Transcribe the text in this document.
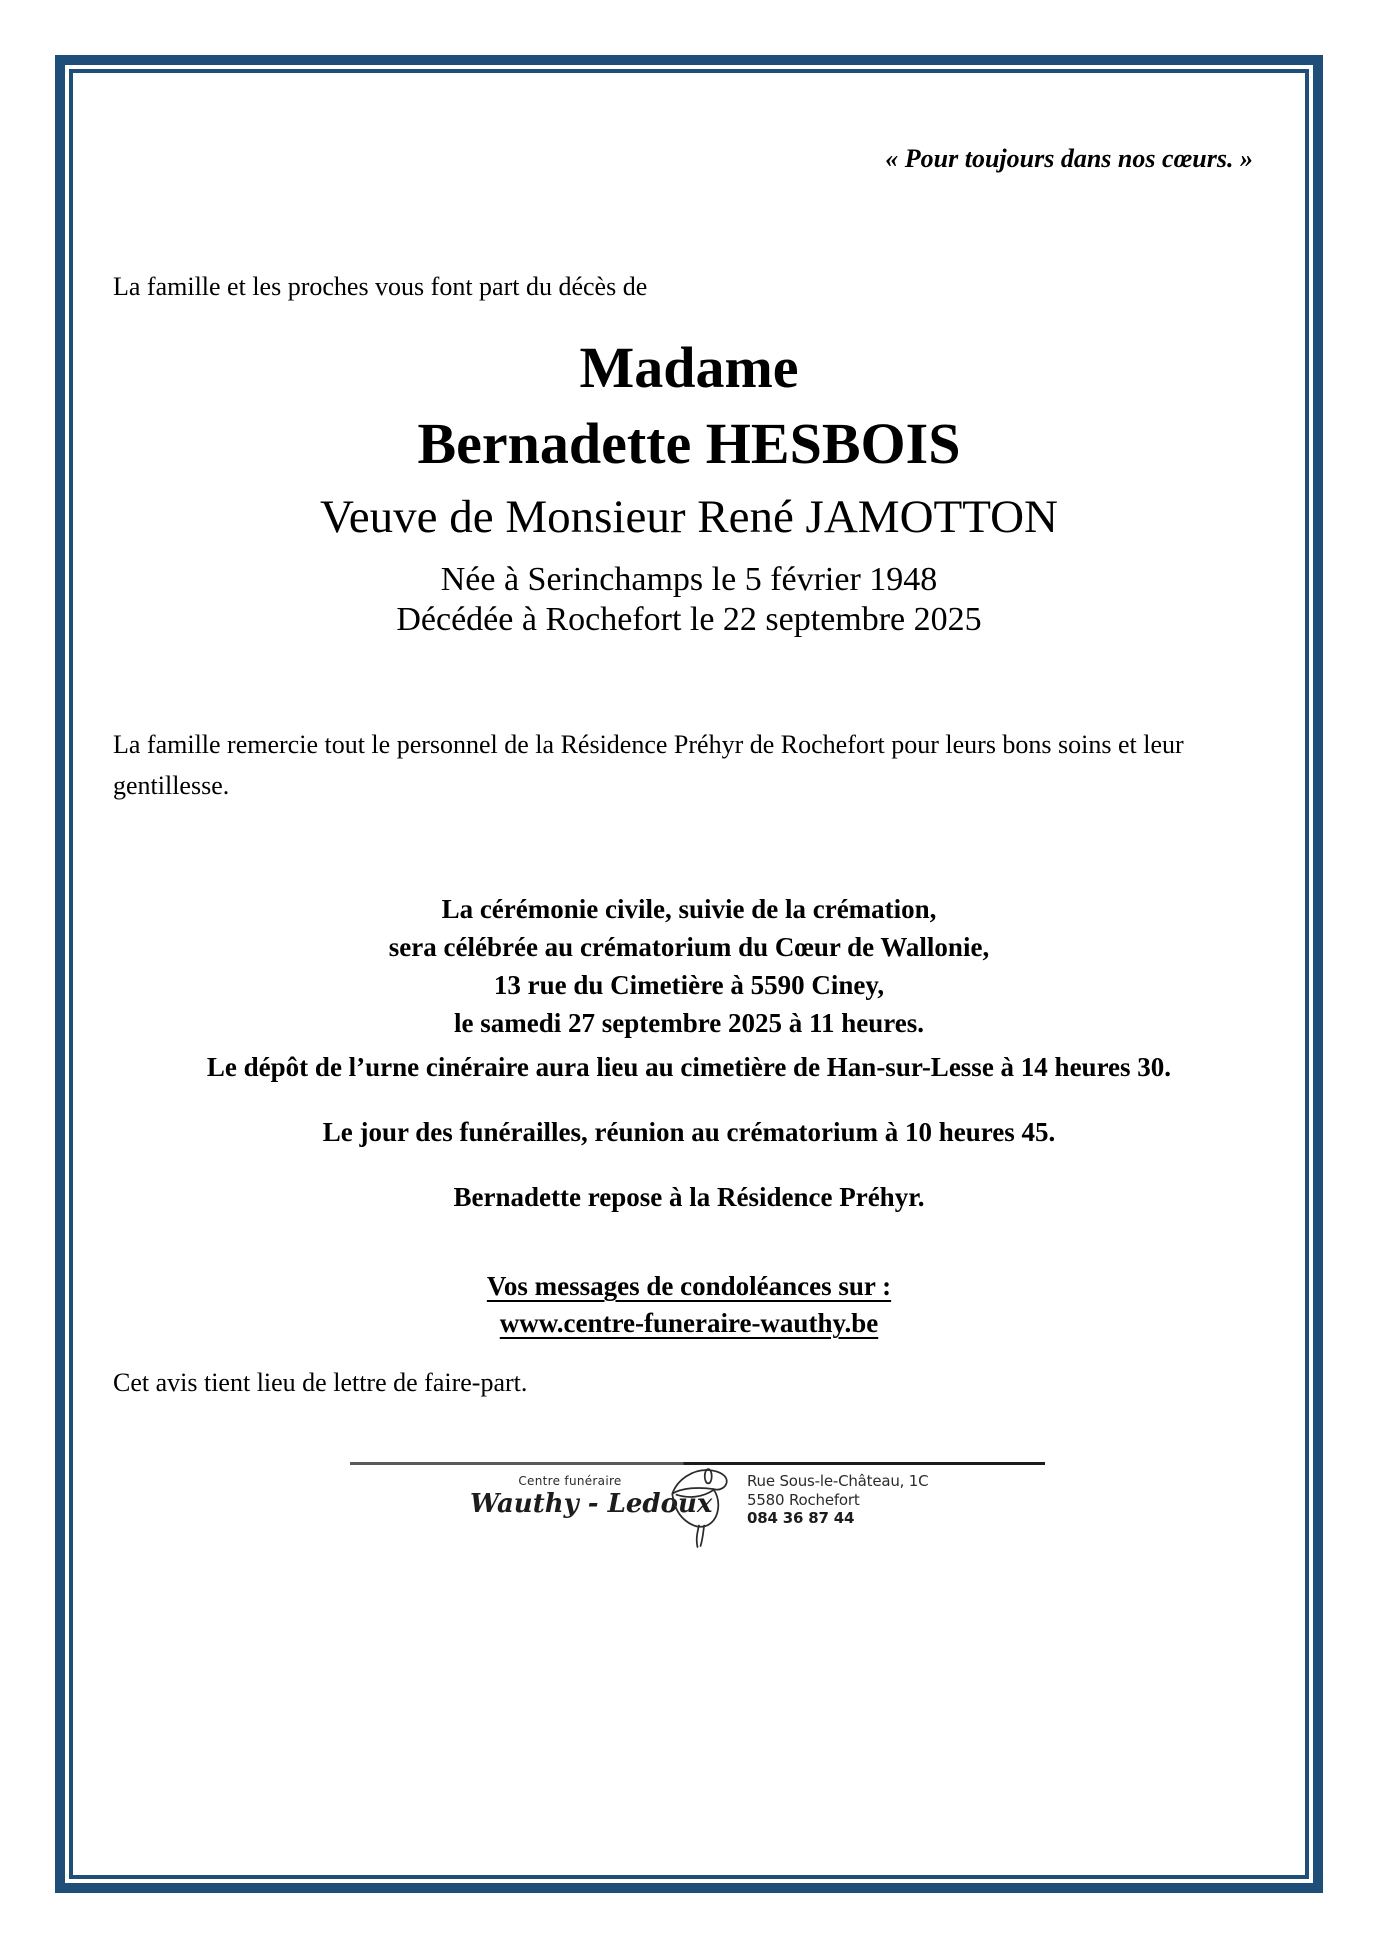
« Pour toujours dans nos cœurs. »
La famille et les proches vous font part du décès de
Madame
Bernadette HESBOIS
Veuve de Monsieur René JAMOTTON
Née à Serinchamps le 5 février 1948
Décédée à Rochefort le 22 septembre 2025
La famille remercie tout le personnel de la Résidence Préhyr de Rochefort pour leurs bons soins et leur
gentillesse.
La cérémonie civile, suivie de la crémation,
sera célébrée au crématorium du Cœur de Wallonie,
13 rue du Cimetière à 5590 Ciney,
le samedi 27 septembre 2025 à 11 heures.
Le dépôt de l’urne cinéraire aura lieu au cimetière de Han-sur-Lesse à 14 heures 30.
Le jour des funérailles, réunion au crématorium à 10 heures 45.
Bernadette repose à la Résidence Préhyr.
Vos messages de condoléances sur :
www.centre-funeraire-wauthy.be
Cet avis tient lieu de lettre de faire-part.
Centre funéraire
Wauthy - Ledoux
Rue Sous-le-Château, 1C
5580 Rochefort
084 36 87 44
